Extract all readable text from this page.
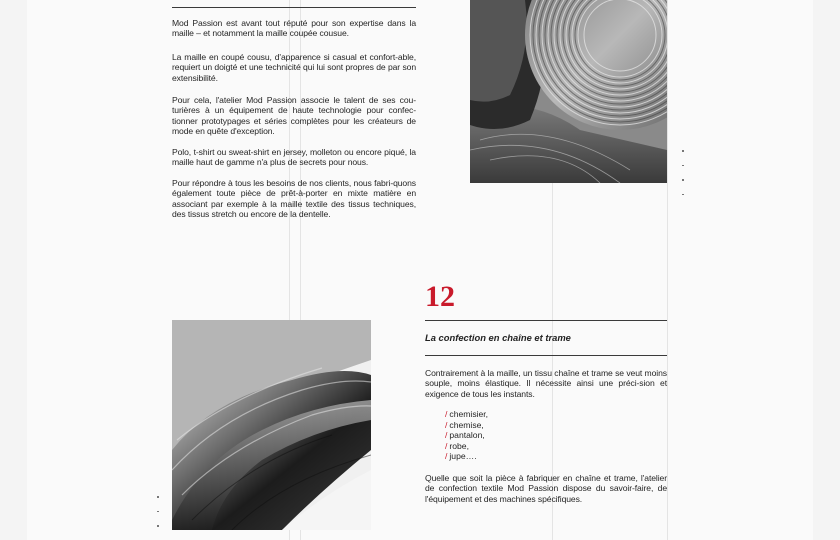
Mod Passion est avant tout réputé pour son expertise dans la maille – et notamment la maille coupée cousue.

La maille en coupé cousu, d'apparence si casual et confort-able, requiert un doigté et une technicité qui lui sont propres de par son extensibilité.

Pour cela, l'atelier Mod Passion associe le talent de ses cou-turières à un équipement de haute technologie pour confec-tionner prototypages et séries complètes pour les créateurs de mode en quête d'exception.

Polo, t-shirt ou sweat-shirt en jersey, molleton ou encore piqué, la maille haut de gamme n'a plus de secrets pour nous.

Pour répondre à tous les besoins de nos clients, nous fabri-quons également toute pièce de prêt-à-porter en mixte matière en associant par exemple à la maille textile des tissus techniques, des tissus stretch ou encore de la dentelle.

12

La confection en chaîne et trame

Contrairement à la maille, un tissu chaîne et trame se veut moins souple, moins élastique. Il nécessite ainsi une préci-sion et exigence de tous les instants.

/ chemisier,
/ chemise,
/ pantalon,
/ robe,
/ jupe….

Quelle que soit la pièce à fabriquer en chaîne et trame, l'atelier de confection textile Mod Passion dispose du savoir-faire, de l'équipement et des machines spécifiques.
